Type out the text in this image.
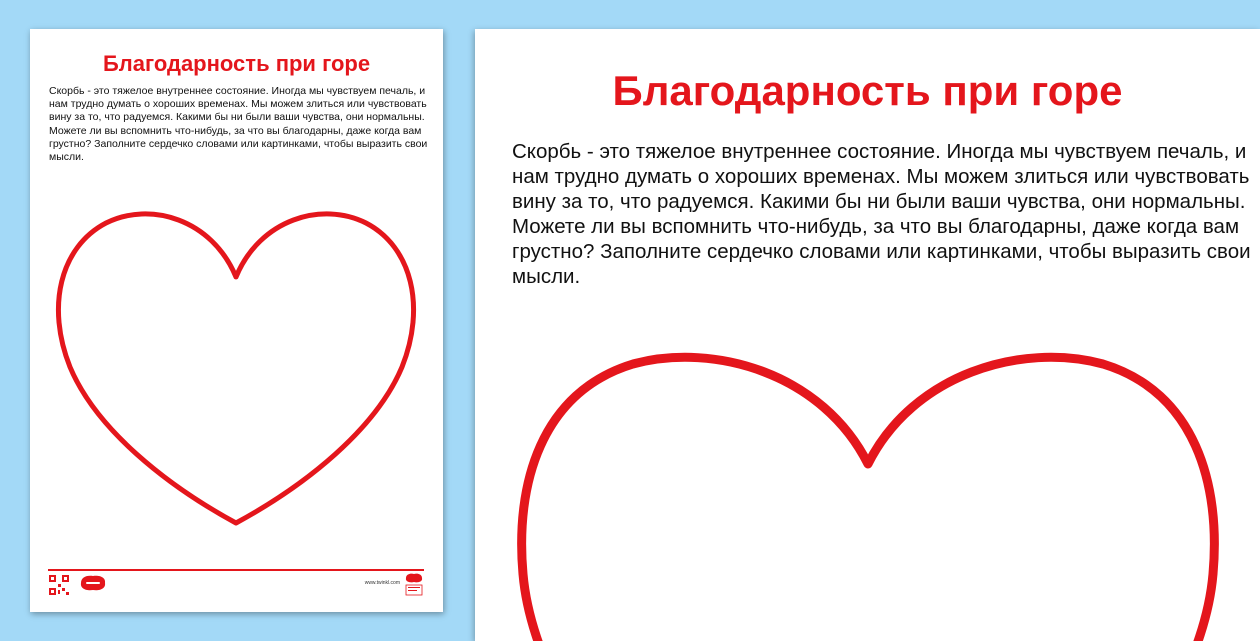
Благодарность при горе

Скорбь - это тяжелое внутреннее состояние. Иногда мы чувствуем печаль, и нам трудно думать о хороших временах. Мы можем злиться или чувствовать вину за то, что радуемся. Какими бы ни были ваши чувства, они нормальны. Можете ли вы вспомнить что-нибудь, за что вы благодарны, даже когда вам грустно? Заполните сердечко словами или картинками, чтобы выразить свои мысли.

www.twinkl.com
Благодарность при горе

Скорбь - это тяжелое внутреннее состояние. Иногда мы чувствуем печаль, и нам трудно думать о хороших временах. Мы можем злиться или чувствовать вину за то, что радуемся. Какими бы ни были ваши чувства, они нормальны. Можете ли вы вспомнить что-нибудь, за что вы благодарны, даже когда вам грустно? Заполните сердечко словами или картинками, чтобы выразить свои мысли.
